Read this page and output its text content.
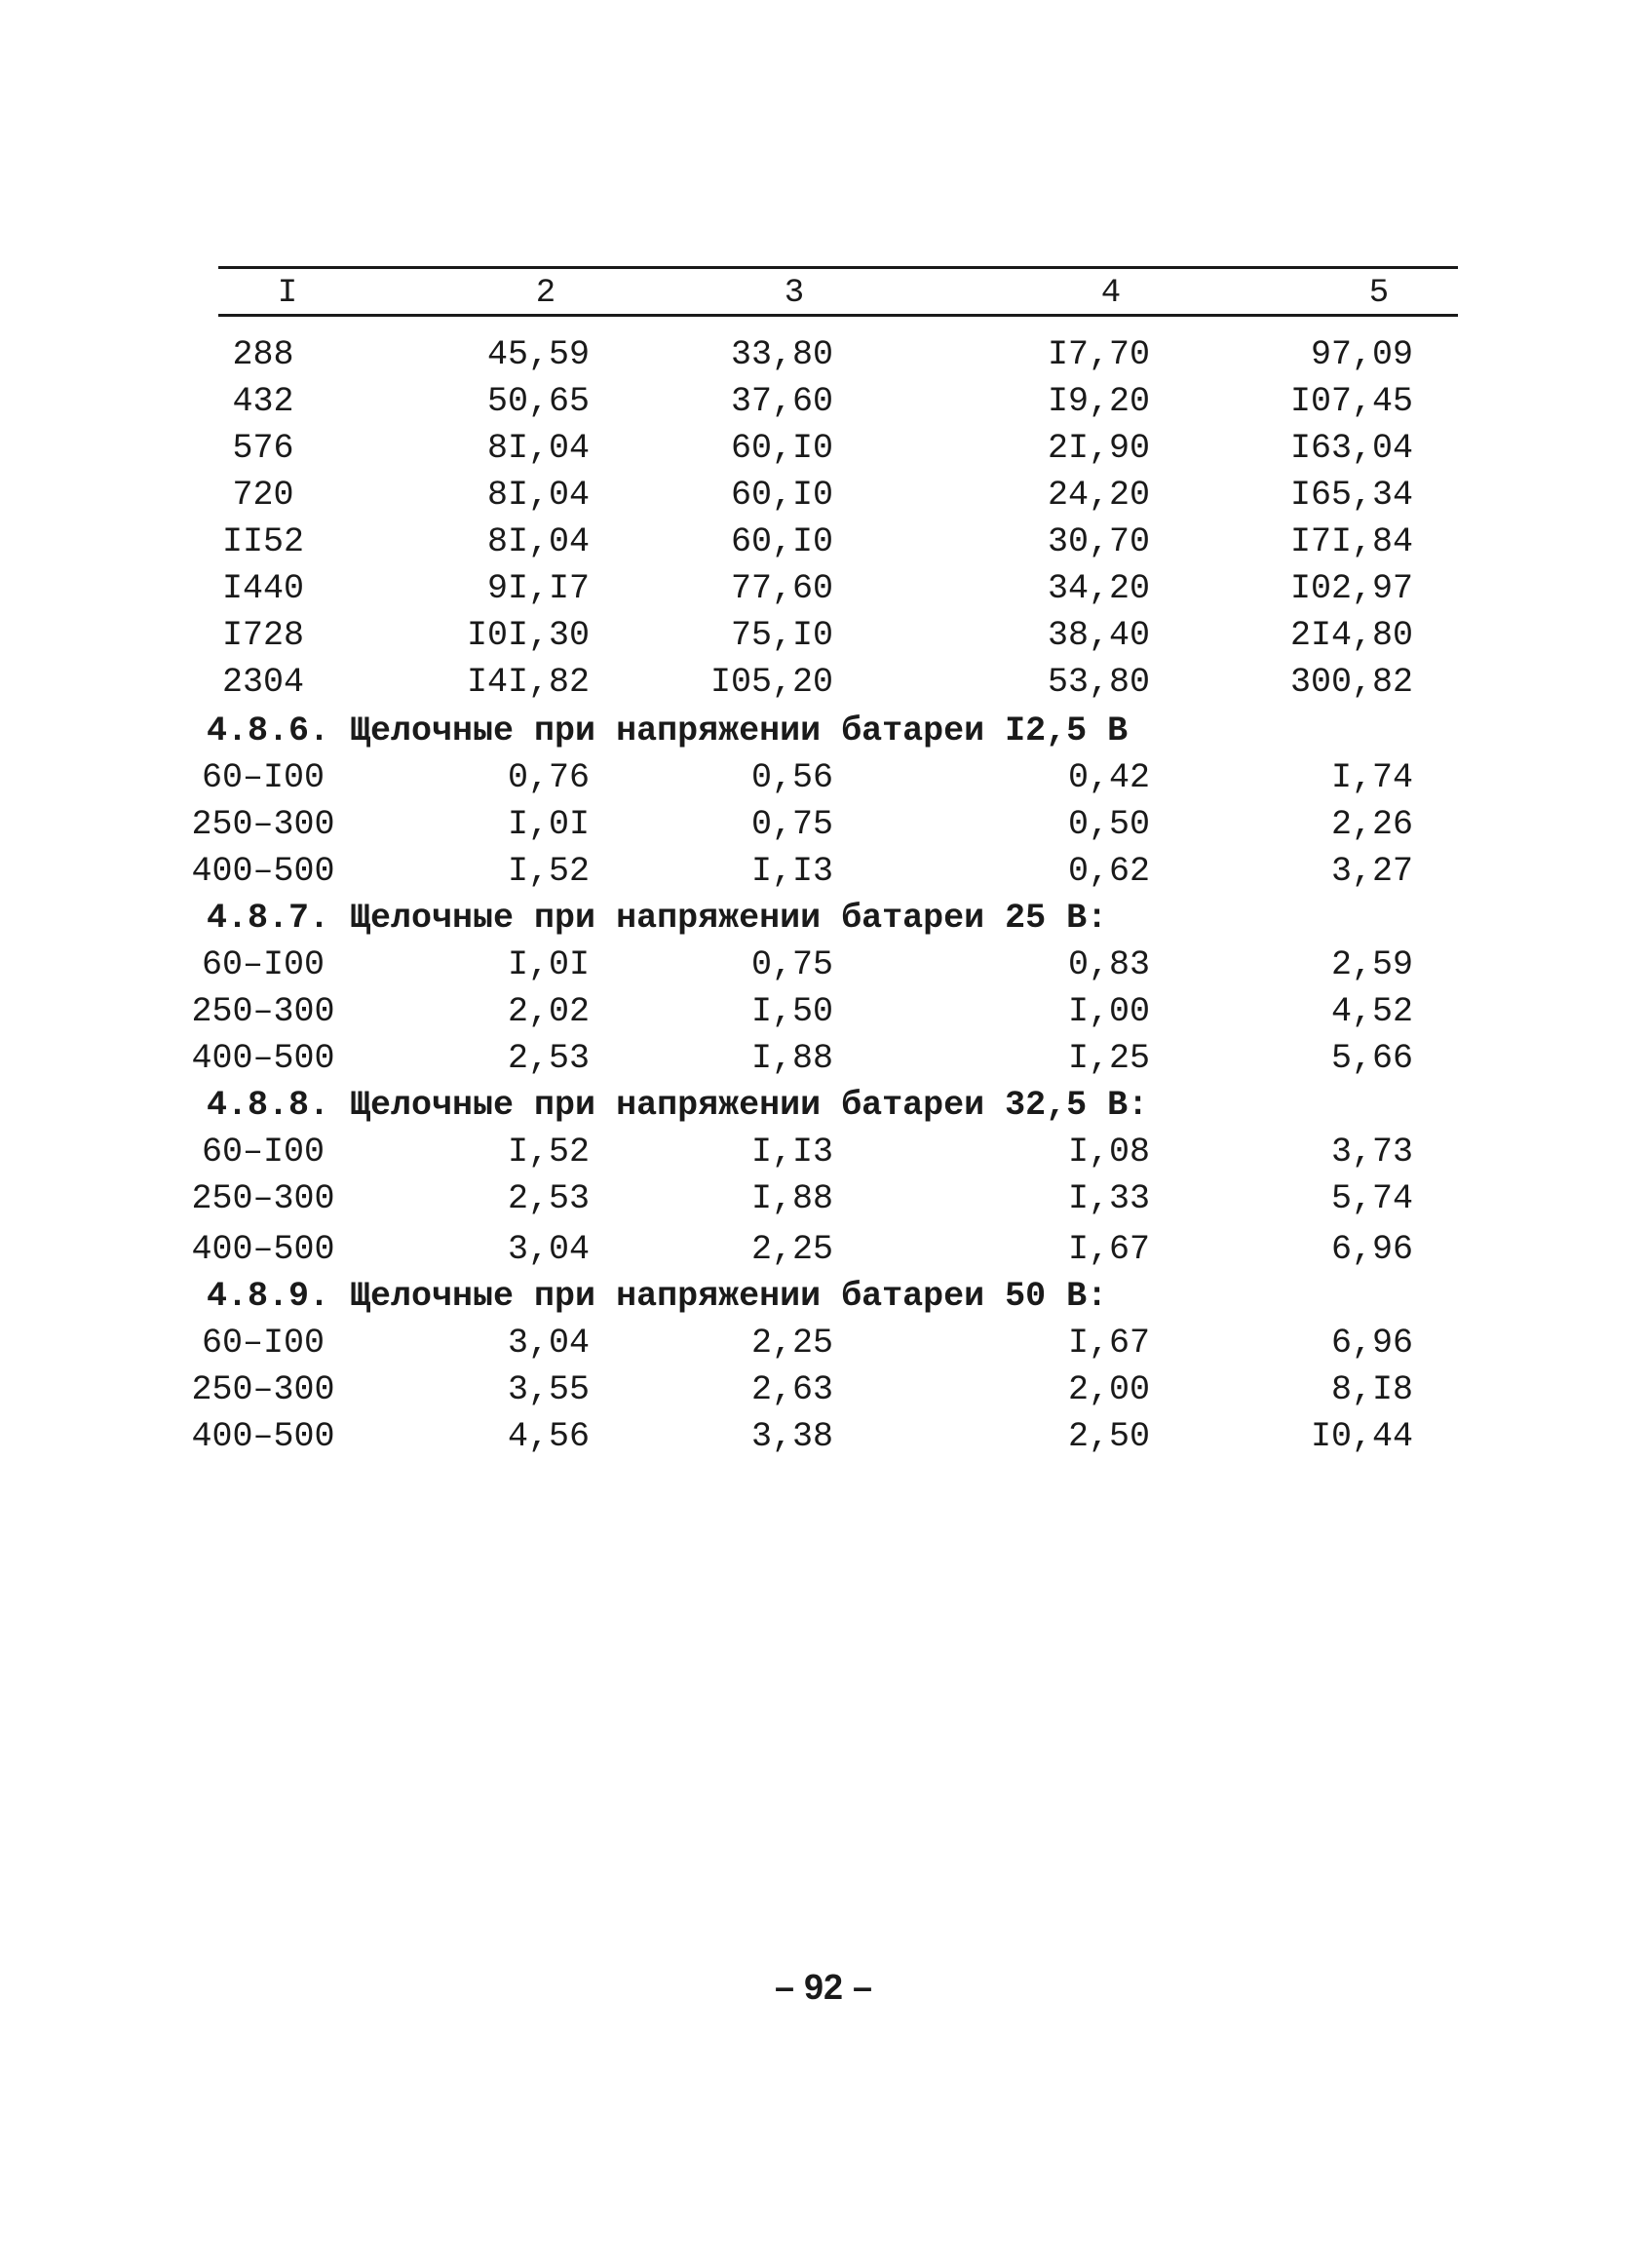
I	2	3	4	5
288	45,59	33,80	I7,70	97,09
432	50,65	37,60	I9,20	I07,45
576	8I,04	60,I0	2I,90	I63,04
720	8I,04	60,I0	24,20	I65,34
II52	8I,04	60,I0	30,70	I7I,84
I440	9I,I7	77,60	34,20	I02,97
I728	I0I,30	75,I0	38,40	2I4,80
2304	I4I,82	I05,20	53,80	300,82
4.8.6. Щелочные при напряжении батареи I2,5 В
60–I00	0,76	0,56	0,42	I,74
250–300	I,0I	0,75	0,50	2,26
400–500	I,52	I,I3	0,62	3,27
4.8.7. Щелочные при напряжении батареи 25 В:
60–I00	I,0I	0,75	0,83	2,59
250–300	2,02	I,50	I,00	4,52
400–500	2,53	I,88	I,25	5,66
4.8.8. Щелочные при напряжении батареи 32,5 В:
60–I00	I,52	I,I3	I,08	3,73
250–300	2,53	I,88	I,33	5,74
400–500	3,04	2,25	I,67	6,96
4.8.9. Щелочные при напряжении батареи 50 В:
60–I00	3,04	2,25	I,67	6,96
250–300	3,55	2,63	2,00	8,I8
400–500	4,56	3,38	2,50	I0,44
– 92 –
